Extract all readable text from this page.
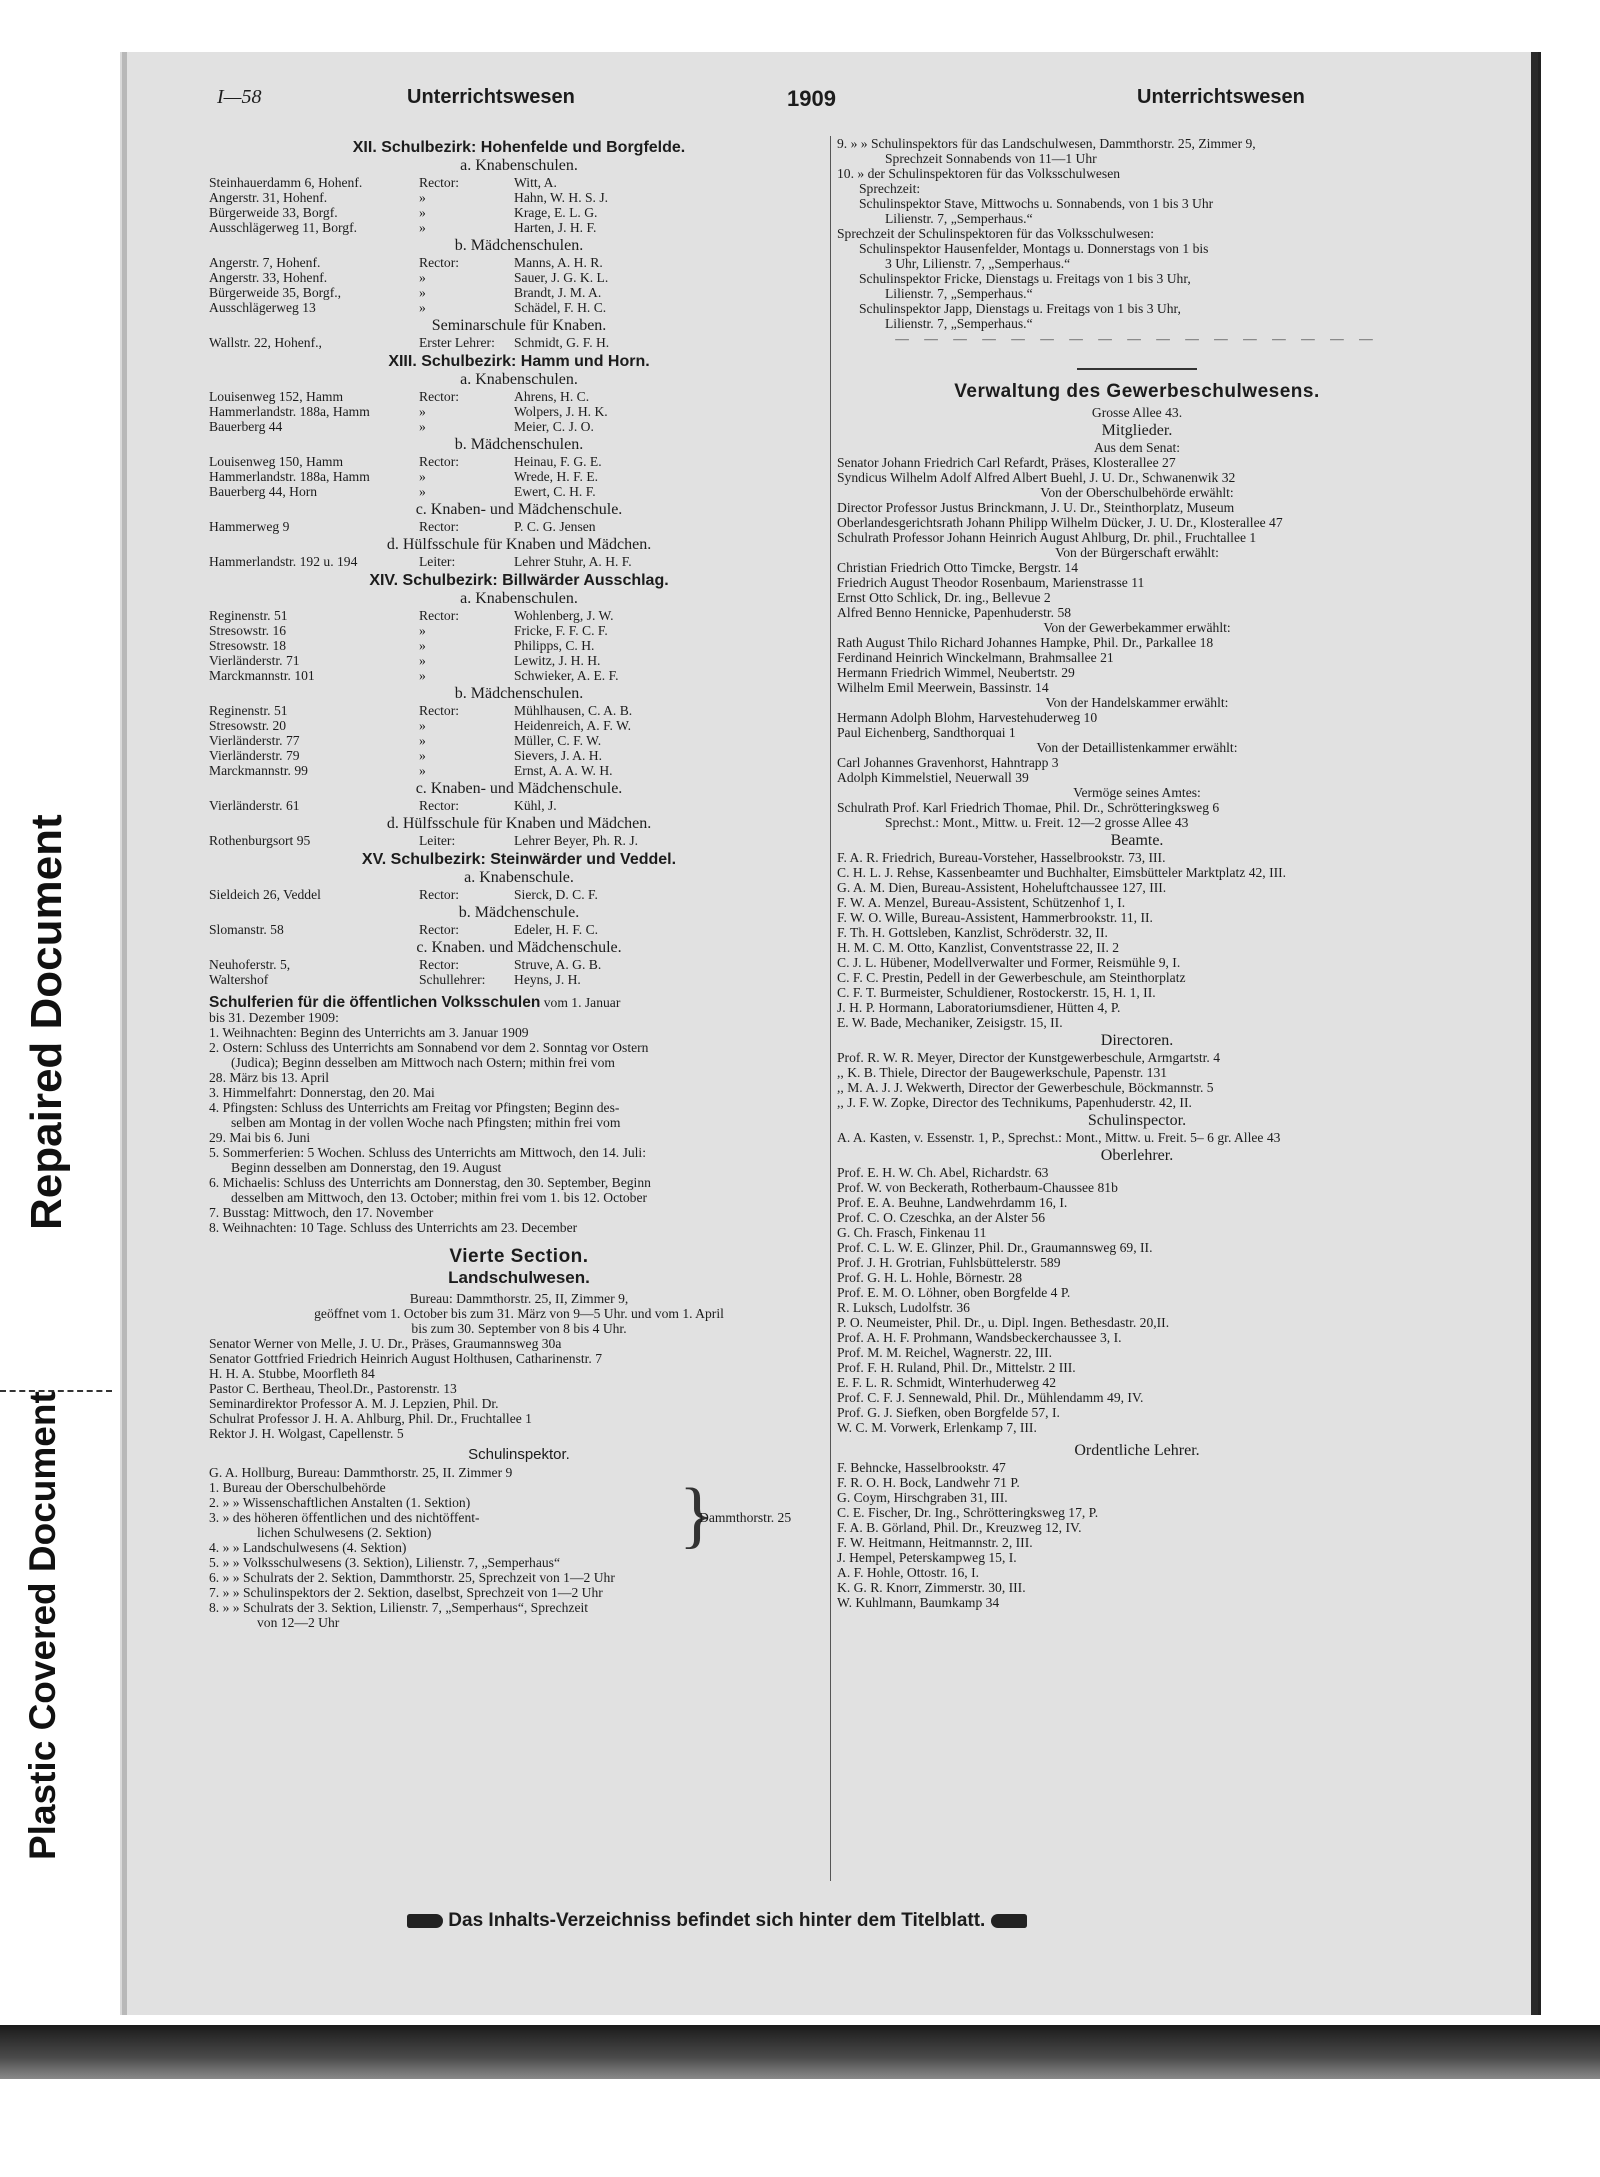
Repaired Document
Plastic Covered Document
I—58	Unterrichtswesen	1909	Unterrichtswesen
XII. Schulbezirk: Hohenfelde und Borgfelde.
a. Knabenschulen.
Steinhauerdamm 6, Hohenf.	Rector:	Witt, A.
Angerstr. 31, Hohenf.	»	Hahn, W. H. S. J.
Bürgerweide 33, Borgf.	»	Krage, E. L. G.
Ausschlägerweg 11, Borgf.	»	Harten, J. H. F.
b. Mädchenschulen.
Angerstr. 7, Hohenf.	Rector:	Manns, A. H. R.
Angerstr. 33, Hohenf.	»	Sauer, J. G. K. L.
Bürgerweide 35, Borgf.,	»	Brandt, J. M. A.
Ausschlägerweg 13	»	Schädel, F. H. C.
Seminarschule für Knaben.
Wallstr. 22, Hohenf.,	Erster Lehrer:	Schmidt, G. F. H.
XIII. Schulbezirk: Hamm und Horn.
a. Knabenschulen.
Louisenweg 152, Hamm	Rector:	Ahrens, H. C.
Hammerlandstr. 188a, Hamm	»	Wolpers, J. H. K.
Bauerberg 44	»	Meier, C. J. O.
b. Mädchenschulen.
Louisenweg 150, Hamm	Rector:	Heinau, F. G. E.
Hammerlandstr. 188a, Hamm	»	Wrede, H. F. E.
Bauerberg 44, Horn	»	Ewert, C. H. F.
c. Knaben- und Mädchenschule.
Hammerweg 9	Rector:	P. C. G. Jensen
d. Hülfsschule für Knaben und Mädchen.
Hammerlandstr. 192 u. 194	Leiter:	Lehrer Stuhr, A. H. F.
XIV. Schulbezirk: Billwärder Ausschlag.
a. Knabenschulen.
Reginenstr. 51	Rector:	Wohlenberg, J. W.
Stresowstr. 16	»	Fricke, F. F. C. F.
Stresowstr. 18	»	Philipps, C. H.
Vierländerstr. 71	»	Lewitz, J. H. H.
Marckmannstr. 101	»	Schwieker, A. E. F.
b. Mädchenschulen.
Reginenstr. 51	Rector:	Mühlhausen, C. A. B.
Stresowstr. 20	»	Heidenreich, A. F. W.
Vierländerstr. 77	»	Müller, C. F. W.
Vierländerstr. 79	»	Sievers, J. A. H.
Marckmannstr. 99	»	Ernst, A. A. W. H.
c. Knaben- und Mädchenschule.
Vierländerstr. 61	Rector:	Kühl, J.
d. Hülfsschule für Knaben und Mädchen.
Rothenburgsort 95	Leiter:	Lehrer Beyer, Ph. R. J.
XV. Schulbezirk: Steinwärder und Veddel.
a. Knabenschule.
Sieldeich 26, Veddel	Rector:	Sierck, D. C. F.
b. Mädchenschule.
Slomanstr. 58	Rector:	Edeler, H. F. C.
c. Knaben. und Mädchenschule.
Neuhoferstr. 5,	Rector:	Struve, A. G. B.
Waltershof	Schullehrer:	Heyns, J. H.
Schulferien für die öffentlichen Volksschulen vom 1. Januar
bis 31. Dezember 1909:
1. Weihnachten: Beginn des Unterrichts am 3. Januar 1909
2. Ostern: Schluss des Unterrichts am Sonnabend vor dem 2. Sonntag vor Ostern
(Judica); Beginn desselben am Mittwoch nach Ostern; mithin frei vom
28. März bis 13. April
3. Himmelfahrt: Donnerstag, den 20. Mai
4. Pfingsten: Schluss des Unterrichts am Freitag vor Pfingsten; Beginn des-
selben am Montag in der vollen Woche nach Pfingsten; mithin frei vom
29. Mai bis 6. Juni
5. Sommerferien: 5 Wochen. Schluss des Unterrichts am Mittwoch, den 14. Juli:
Beginn desselben am Donnerstag, den 19. August
6. Michaelis: Schluss des Unterrichts am Donnerstag, den 30. September, Beginn
desselben am Mittwoch, den 13. October; mithin frei vom 1. bis 12. October
7. Busstag: Mittwoch, den 17. November
8. Weihnachten: 10 Tage. Schluss des Unterrichts am 23. December
Vierte Section.
Landschulwesen.
Bureau: Dammthorstr. 25, II, Zimmer 9,
geöffnet vom 1. October bis zum 31. März von 9—5 Uhr. und vom 1. April
bis zum 30. September von 8 bis 4 Uhr.
Senator Werner von Melle, J. U. Dr., Präses, Graumannsweg 30a
Senator Gottfried Friedrich Heinrich August Holthusen, Catharinenstr. 7
H. H. A. Stubbe, Moorfleth 84
Pastor C. Bertheau, Theol.Dr., Pastorenstr. 13
Seminardirektor Professor A. M. J. Lepzien, Phil. Dr.
Schulrat Professor J. H. A. Ahlburg, Phil. Dr., Fruchtallee 1
Rektor J. H. Wolgast, Capellenstr. 5
Schulinspektor.
G. A. Hollburg, Bureau: Dammthorstr. 25, II. Zimmer 9
1. Bureau der Oberschulbehörde
2. » » Wissenschaftlichen Anstalten (1. Sektion)
3. » des höheren öffentlichen und des nichtöffent-
lichen Schulwesens (2. Sektion)
4. » » Landschulwesens (4. Sektion)	}
Dammthorstr. 25
5. » » Volksschulwesens (3. Sektion), Lilienstr. 7, „Semperhaus“
6. » » Schulrats der 2. Sektion, Dammthorstr. 25, Sprechzeit von 1—2 Uhr
7. » » Schulinspektors der 2. Sektion, daselbst, Sprechzeit von 1—2 Uhr
8. » » Schulrats der 3. Sektion, Lilienstr. 7, „Semperhaus“, Sprechzeit
von 12—2 Uhr
9. » » Schulinspektors für das Landschulwesen, Dammthorstr. 25, Zimmer 9,
Sprechzeit Sonnabends von 11—1 Uhr
10. » der Schulinspektoren für das Volksschulwesen
Sprechzeit:
Schulinspektor Stave, Mittwochs u. Sonnabends, von 1 bis 3 Uhr
Lilienstr. 7, „Semperhaus.“
Sprechzeit der Schulinspektoren für das Volksschulwesen:
Schulinspektor Hausenfelder, Montags u. Donnerstags von 1 bis
3 Uhr, Lilienstr. 7, „Semperhaus.“
Schulinspektor Fricke, Dienstags u. Freitags von 1 bis 3 Uhr,
Lilienstr. 7, „Semperhaus.“
Schulinspektor Japp, Dienstags u. Freitags von 1 bis 3 Uhr,
Lilienstr. 7, „Semperhaus.“
— — — — — — — — — — — — — — — — —
Verwaltung des Gewerbeschulwesens.
Grosse Allee 43.
Mitglieder.
Aus dem Senat:
Senator Johann Friedrich Carl Refardt, Präses, Klosterallee 27
Syndicus Wilhelm Adolf Alfred Albert Buehl, J. U. Dr., Schwanenwik 32
Von der Oberschulbehörde erwählt:
Director Professor Justus Brinckmann, J. U. Dr., Steinthorplatz, Museum
Oberlandesgerichtsrath Johann Philipp Wilhelm Dücker, J. U. Dr., Klosterallee 47
Schulrath Professor Johann Heinrich August Ahlburg, Dr. phil., Fruchtallee 1
Von der Bürgerschaft erwählt:
Christian Friedrich Otto Timcke, Bergstr. 14
Friedrich August Theodor Rosenbaum, Marienstrasse 11
Ernst Otto Schlick, Dr. ing., Bellevue 2
Alfred Benno Hennicke, Papenhuderstr. 58
Von der Gewerbekammer erwählt:
Rath August Thilo Richard Johannes Hampke, Phil. Dr., Parkallee 18
Ferdinand Heinrich Winckelmann, Brahmsallee 21
Hermann Friedrich Wimmel, Neubertstr. 29
Wilhelm Emil Meerwein, Bassinstr. 14
Von der Handelskammer erwählt:
Hermann Adolph Blohm, Harvestehuderweg 10
Paul Eichenberg, Sandthorquai 1
Von der Detaillistenkammer erwählt:
Carl Johannes Gravenhorst, Hahntrapp 3
Adolph Kimmelstiel, Neuerwall 39
Vermöge seines Amtes:
Schulrath Prof. Karl Friedrich Thomae, Phil. Dr., Schrötteringksweg 6
Sprechst.: Mont., Mittw. u. Freit. 12—2 grosse Allee 43
Beamte.
F. A. R. Friedrich, Bureau-Vorsteher, Hasselbrookstr. 73, III.
C. H. L. J. Rehse, Kassenbeamter und Buchhalter, Eimsbütteler Marktplatz 42, III.
G. A. M. Dien, Bureau-Assistent, Hoheluftchaussee 127, III.
F. W. A. Menzel, Bureau-Assistent, Schützenhof 1, I.
F. W. O. Wille, Bureau-Assistent, Hammerbrookstr. 11, II.
F. Th. H. Gottsleben, Kanzlist, Schröderstr. 32, II.
H. M. C. M. Otto, Kanzlist, Conventstrasse 22, II. 2
C. J. L. Hübener, Modellverwalter und Former, Reismühle 9, I.
C. F. C. Prestin, Pedell in der Gewerbeschule, am Steinthorplatz
C. F. T. Burmeister, Schuldiener, Rostockerstr. 15, H. 1, II.
J. H. P. Hormann, Laboratoriumsdiener, Hütten 4, P.
E. W. Bade, Mechaniker, Zeisigstr. 15, II.
Directoren.
Prof. R. W. R. Meyer, Director der Kunstgewerbeschule, Armgartstr. 4
,, K. B. Thiele, Director der Baugewerkschule, Papenstr. 131
,, M. A. J. J. Wekwerth, Director der Gewerbeschule, Böckmannstr. 5
,, J. F. W. Zopke, Director des Technikums, Papenhuderstr. 42, II.
Schulinspector.
A. A. Kasten, v. Essenstr. 1, P., Sprechst.: Mont., Mittw. u. Freit. 5– 6 gr. Allee 43
Oberlehrer.
Prof. E. H. W. Ch. Abel, Richardstr. 63
Prof. W. von Beckerath, Rotherbaum-Chaussee 81b
Prof. E. A. Beuhne, Landwehrdamm 16, I.
Prof. C. O. Czeschka, an der Alster 56
G. Ch. Frasch, Finkenau 11
Prof. C. L. W. E. Glinzer, Phil. Dr., Graumannsweg 69, II.
Prof. J. H. Grotrian, Fuhlsbüttelerstr. 589
Prof. G. H. L. Hohle, Börnestr. 28
Prof. E. M. O. Löhner, oben Borgfelde 4 P.
R. Luksch, Ludolfstr. 36
P. O. Neumeister, Phil. Dr., u. Dipl. Ingen. Bethesdastr. 20,II.
Prof. A. H. F. Prohmann, Wandsbeckerchaussee 3, I.
Prof. M. M. Reichel, Wagnerstr. 22, III.
Prof. F. H. Ruland, Phil. Dr., Mittelstr. 2 III.
E. F. L. R. Schmidt, Winterhuderweg 42
Prof. C. F. J. Sennewald, Phil. Dr., Mühlendamm 49, IV.
Prof. G. J. Siefken, oben Borgfelde 57, I.
W. C. M. Vorwerk, Erlenkamp 7, III.
Ordentliche Lehrer.
F. Behncke, Hasselbrookstr. 47
F. R. O. H. Bock, Landwehr 71 P.
G. Coym, Hirschgraben 31, III.
C. E. Fischer, Dr. Ing., Schrötteringksweg 17, P.
F. A. B. Görland, Phil. Dr., Kreuzweg 12, IV.
F. W. Heitmann, Heitmannstr. 2, III.
J. Hempel, Peterskampweg 15, I.
A. F. Hohle, Ottostr. 16, I.
K. G. R. Knorr, Zimmerstr. 30, III.
W. Kuhlmann, Baumkamp 34
Das Inhalts-Verzeichniss befindet sich hinter dem Titelblatt.
